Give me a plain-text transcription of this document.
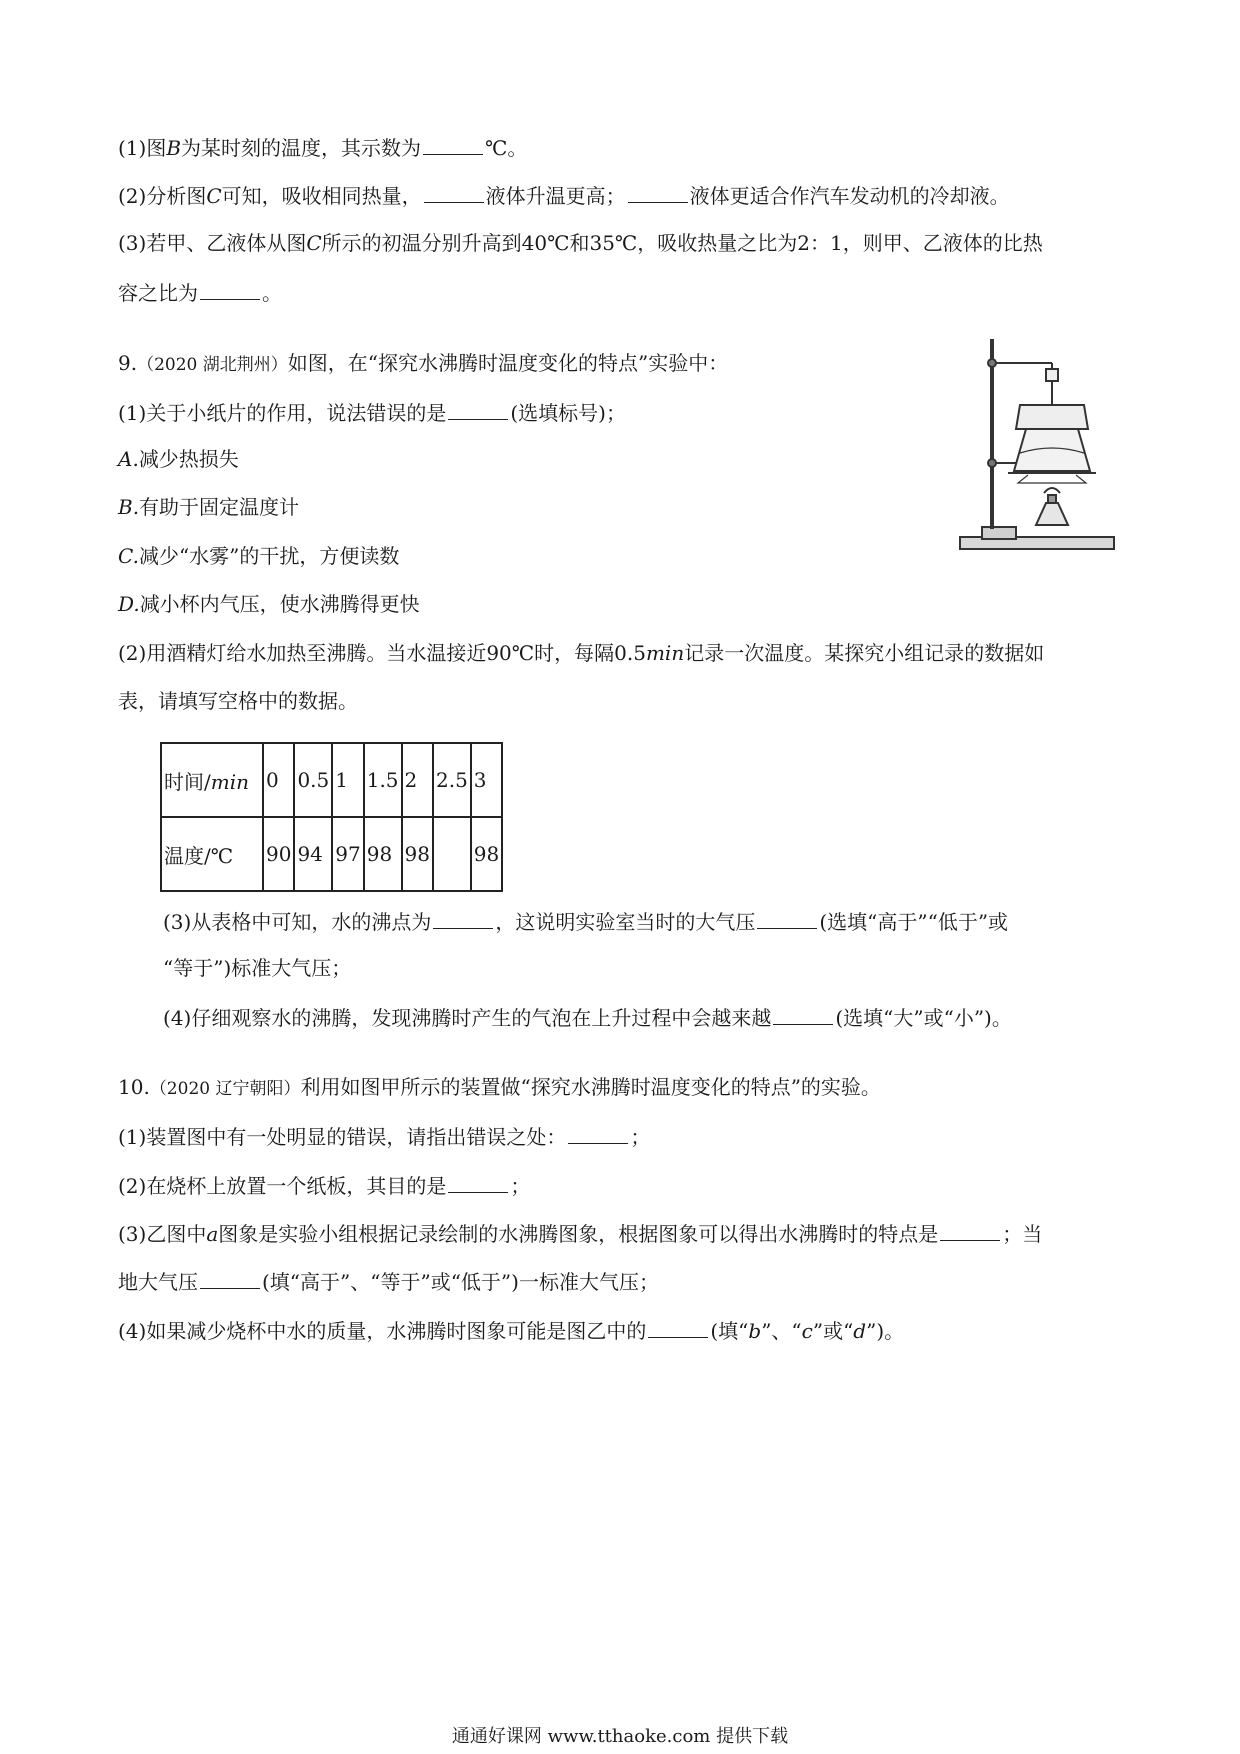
(1)图B为某时刻的温度，其示数为	℃。
(2)分析图C可知，吸收相同热量，	液体升温更高；	液体更适合作汽车发动机的冷却液。
(3)若甲、乙液体从图C所示的初温分别升高到40℃和35℃，吸收热量之比为2：1，则甲、乙液体的比热
容之比为	。
9.（2020 湖北荆州）如图，在“探究水沸腾时温度变化的特点”实验中：
(1)关于小纸片的作用，说法错误的是	(选填标号)；
A.减少热损失
B.有助于固定温度计
C.减少“水雾”的干扰，方便读数
D.减小杯内气压，使水沸腾得更快
(2)用酒精灯给水加热至沸腾。当水温接近90℃时，每隔0.5min记录一次温度。某探究小组记录的数据如
表，请填写空格中的数据。
时间/min	0	0.5	1	1.5	2	2.5	3
温度/℃	90	94	97	98	98		98
(3)从表格中可知，水的沸点为	，这说明实验室当时的大气压	(选填“高于”“低于”或
“等于”)标准大气压；
(4)仔细观察水的沸腾，发现沸腾时产生的气泡在上升过程中会越来越	(选填“大”或“小”)。
10.（2020 辽宁朝阳）利用如图甲所示的装置做“探究水沸腾时温度变化的特点”的实验。
(1)装置图中有一处明显的错误，请指出错误之处：	；
(2)在烧杯上放置一个纸板，其目的是	；
(3)乙图中a图象是实验小组根据记录绘制的水沸腾图象，根据图象可以得出水沸腾时的特点是	；当
地大气压	(填“高于”、“等于”或“低于”)一标准大气压；
(4)如果减少烧杯中水的质量，水沸腾时图象可能是图乙中的	(填“b”、“c”或“d”)。
通通好课网 www.tthaoke.com 提供下载
